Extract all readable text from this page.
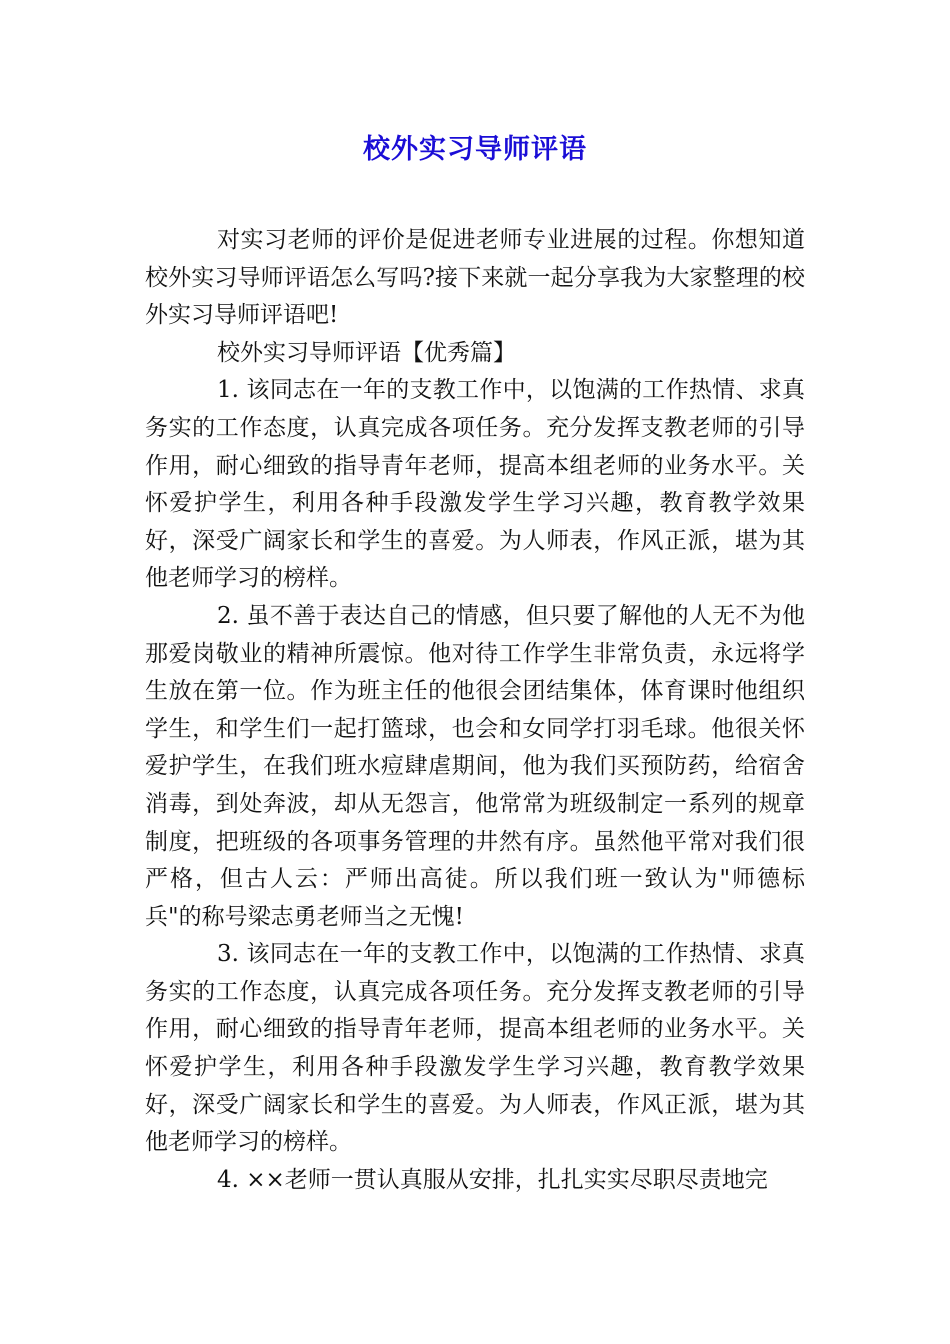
校外实习导师评语

对实习老师的评价是促进老师专业进展的过程。你想知道校外实习导师评语怎么写吗?接下来就一起分享我为大家整理的校外实习导师评语吧!

校外实习导师评语【优秀篇】

1. 该同志在一年的支教工作中，以饱满的工作热情、求真务实的工作态度，认真完成各项任务。充分发挥支教老师的引导作用，耐心细致的指导青年老师，提高本组老师的业务水平。关怀爱护学生，利用各种手段激发学生学习兴趣，教育教学效果好，深受广阔家长和学生的喜爱。为人师表，作风正派，堪为其他老师学习的榜样。

2. 虽不善于表达自己的情感，但只要了解他的人无不为他那爱岗敬业的精神所震惊。他对待工作学生非常负责，永远将学生放在第一位。作为班主任的他很会团结集体，体育课时他组织学生，和学生们一起打篮球，也会和女同学打羽毛球。他很关怀爱护学生，在我们班水痘肆虐期间，他为我们买预防药，给宿舍消毒，到处奔波，却从无怨言，他常常为班级制定一系列的规章制度，把班级的各项事务管理的井然有序。虽然他平常对我们很严格，但古人云：严师出高徒。所以我们班一致认为"师德标兵"的称号梁志勇老师当之无愧!

3. 该同志在一年的支教工作中，以饱满的工作热情、求真务实的工作态度，认真完成各项任务。充分发挥支教老师的引导作用，耐心细致的指导青年老师，提高本组老师的业务水平。关怀爱护学生，利用各种手段激发学生学习兴趣，教育教学效果好，深受广阔家长和学生的喜爱。为人师表，作风正派，堪为其他老师学习的榜样。

4. ××老师一贯认真服从安排，扎扎实实尽职尽责地完
